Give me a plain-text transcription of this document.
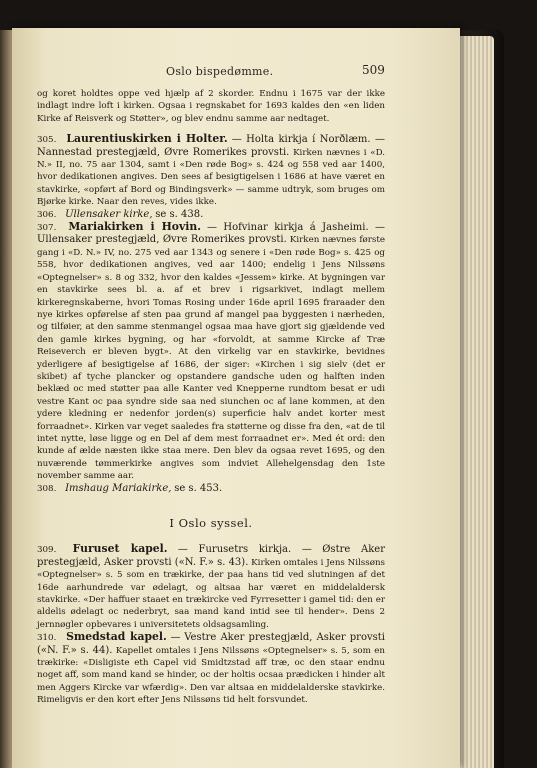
Oslo bispedømme.	509

og koret holdtes oppe ved hjælp af 2 skorder. Endnu i 1675 var der ikke indlagt indre loft i kirken. Ogsaa i regnskabet for 1693 kaldes den «en liden Kirke af Reisverk og Støtter», og blev endnu samme aar nedtaget.

305. Laurentiuskirken i Holter. — Holta kirkja í Norðlæm. — Nannestad prestegjæld, Øvre Romerikes provsti. Kirken nævnes i «D. N.» II, no. 75 aar 1304, samt i «Den røde Bog» s. 424 og 558 ved aar 1400, hvor dedikationen angives. Den sees af besigtigelsen i 1686 at have været en stavkirke, «opført af Bord og Bindingsverk» — samme udtryk, som bruges om Bjørke kirke. Naar den reves, vides ikke.

306. Ullensaker kirke, se s. 438.

307. Mariakirken i Hovin. — Hofvinar kirkja á Jasheimi. — Ullensaker prestegjæld, Øvre Romerikes provsti. Kirken nævnes første gang i «D. N.» IV, no. 275 ved aar 1343 og senere i «Den røde Bog» s. 425 og 558, hvor dedikationen angives, ved aar 1400; endelig i Jens Nilssøns «Optegnelser» s. 8 og 332, hvor den kaldes «Jessem» kirke. At bygningen var en stavkirke sees bl. a. af et brev i rigsarkivet, indlagt mellem kirkeregnskaberne, hvori Tomas Rosing under 16de april 1695 fraraader den nye kirkes opførelse af sten paa grund af mangel paa byggesten i nærheden, og tilføier, at den samme stenmangel ogsaa maa have gjort sig gjældende ved den gamle kirkes bygning, og har «forvoldt, at samme Kircke af Træ Reiseverch er bleven bygt». At den virkelig var en stavkirke, bevidnes yderligere af besigtigelse af 1686, der siger: «Kirchen i sig sielv (det er skibet) af tyche plancker og opstandere gandsche uden og halften inden beklæd oc med støtter paa alle Kanter ved Knepperne rundtom besat er udi vestre Kant oc paa syndre side saa ned siunchen oc af lane kommen, at den ydere kledning er nedenfor jorden(s) superficie halv andet korter mest forraadnet». Kirken var veget saaledes fra støtterne og disse fra den, «at de til intet nytte, løse ligge og en Del af dem mest forraadnet er». Med ét ord: den kunde af ælde næsten ikke staa mere. Den blev da ogsaa revet 1695, og den nuværende tømmerkirke angives som indviet Allehelgensdag den 1ste november samme aar.

308. Imshaug Mariakirke, se s. 453.

I Oslo syssel.

309. Furuset kapel. — Furusetrs kirkja. — Østre Aker prestegjæld, Asker provsti («N. F.» s. 43). Kirken omtales i Jens Nilssøns «Optegnelser» s. 5 som en trækirke, der paa hans tid ved slutningen af det 16de aarhundrede var ødelagt, og altsaa har været en middelaldersk stavkirke. «Der haffuer staaet en trækircke ved Fyrresetter i gamel tid: den er aldelis ødelagt oc nederbryt, saa mand kand intid see til hender». Dens 2 jernnøgler opbevares i universitetets oldsagsamling.

310. Smedstad kapel. — Vestre Aker prestegjæld, Asker provsti («N. F.» s. 44). Kapellet omtales i Jens Nilssøns «Optegnelser» s. 5, som en trækirke: «Disligiste eth Capel vid Smidtzstad aff træ, oc den staar endnu noget aff, som mand kand se hinder, oc der holtis ocsaa prædicken i hinder alt men Aggers Kircke var wfærdig». Den var altsaa en middelalderske stavkirke. Rimeligvis er den kort efter Jens Nilssøns tid helt forsvundet.
